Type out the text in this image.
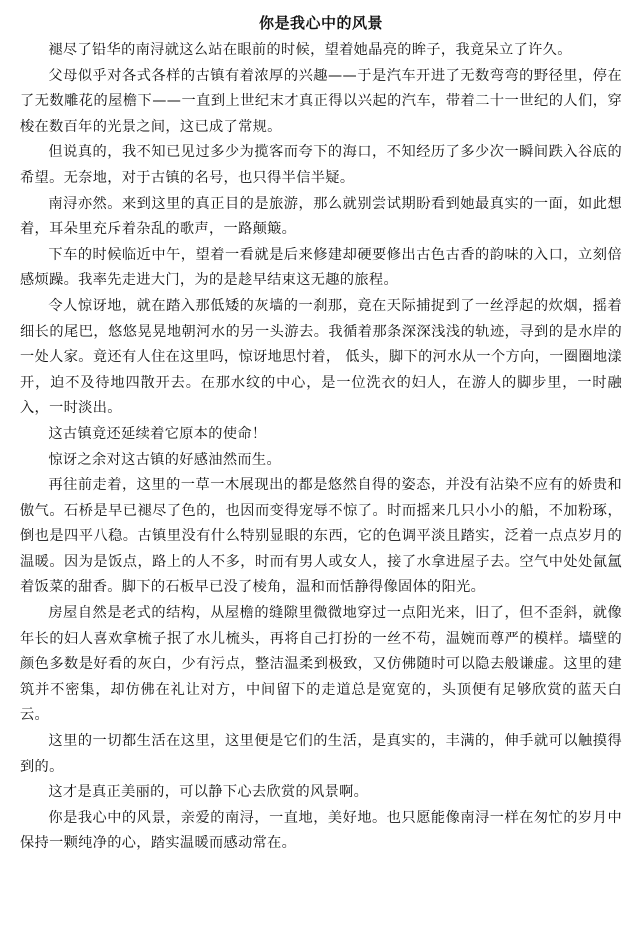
你是我心中的风景

褪尽了铅华的南浔就这么站在眼前的时候，望着她晶亮的眸子，我竟呆立了许久。

父母似乎对各式各样的古镇有着浓厚的兴趣——于是汽车开进了无数弯弯的野径里，停在了无数雕花的屋檐下——一直到上世纪末才真正得以兴起的汽车，带着二十一世纪的人们，穿梭在数百年的光景之间，这已成了常规。

但说真的，我不知已见过多少为揽客而夸下的海口，不知经历了多少次一瞬间跌入谷底的希望。无奈地，对于古镇的名号，也只得半信半疑。

南浔亦然。来到这里的真正目的是旅游，那么就别尝试期盼看到她最真实的一面，如此想着，耳朵里充斥着杂乱的歌声，一路颠簸。

下车的时候临近中午，望着一看就是后来修建却硬要修出古色古香的韵味的入口，立刻倍感烦躁。我率先走进大门，为的是趁早结束这无趣的旅程。

令人惊讶地，就在踏入那低矮的灰墙的一刹那，竟在天际捕捉到了一丝浮起的炊烟，摇着细长的尾巴，悠悠晃晃地朝河水的另一头游去。我循着那条深深浅浅的轨迹，寻到的是水岸的一处人家。竟还有人住在这里吗，惊讶地思忖着， 低头，脚下的河水从一个方向，一圈圈地漾开，迫不及待地四散开去。在那水纹的中心，是一位洗衣的妇人，在游人的脚步里，一时融入，一时淡出。

这古镇竟还延续着它原本的使命！

惊讶之余对这古镇的好感油然而生。

再往前走着，这里的一草一木展现出的都是悠然自得的姿态，并没有沾染不应有的娇贵和傲气。石桥是早已褪尽了色的，也因而变得宠辱不惊了。时而摇来几只小小的船，不加粉琢，倒也是四平八稳。古镇里没有什么特别显眼的东西，它的色调平淡且踏实，泛着一点点岁月的温暖。因为是饭点，路上的人不多，时而有男人或女人，接了水拿进屋子去。空气中处处氤氲着饭菜的甜香。脚下的石板早已没了棱角，温和而恬静得像固体的阳光。

房屋自然是老式的结构，从屋檐的缝隙里微微地穿过一点阳光来，旧了，但不歪斜，就像年长的妇人喜欢拿梳子抿了水儿梳头，再将自己打扮的一丝不苟，温婉而尊严的模样。墙壁的颜色多数是好看的灰白，少有污点，整洁温柔到极致，又仿佛随时可以隐去般谦虚。这里的建筑并不密集，却仿佛在礼让对方，中间留下的走道总是宽宽的，头顶便有足够欣赏的蓝天白云。

这里的一切都生活在这里，这里便是它们的生活，是真实的，丰满的，伸手就可以触摸得到的。

这才是真正美丽的，可以静下心去欣赏的风景啊。

你是我心中的风景，亲爱的南浔，一直地，美好地。也只愿能像南浔一样在匆忙的岁月中保持一颗纯净的心，踏实温暖而感动常在。
